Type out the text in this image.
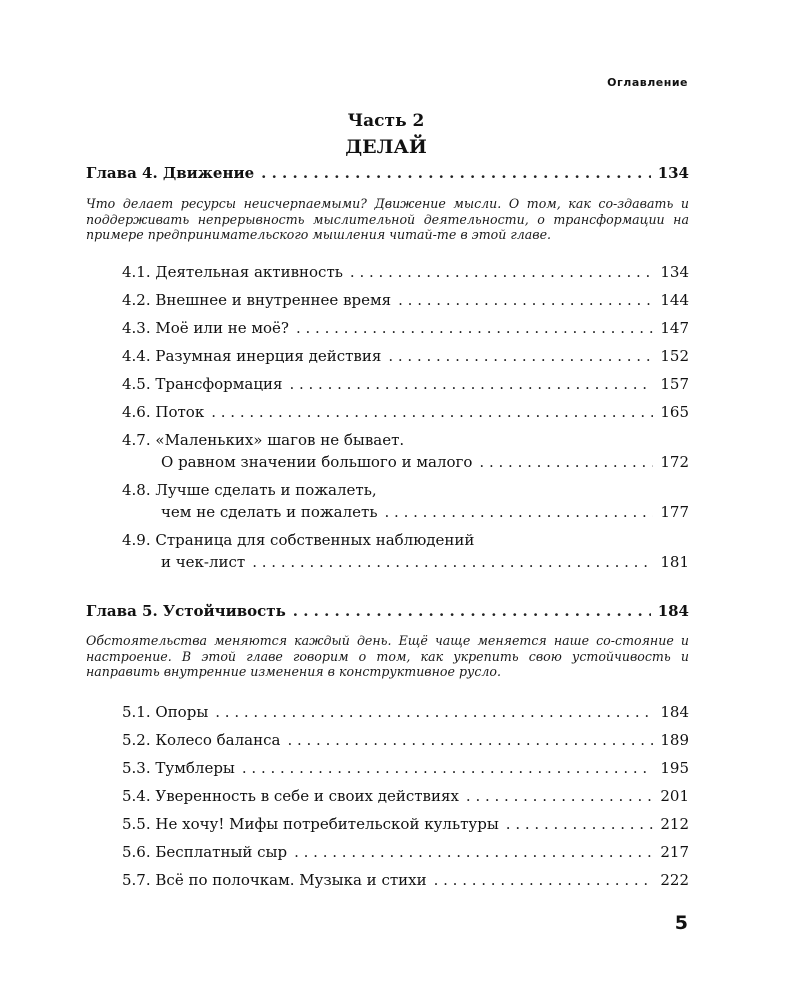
Оглавление
Часть 2
ДЕЛАЙ
Глава 4. Движение . . .	134
Что делает ресурсы неисчерпаемыми? Движение мысли. О том, как со-здавать и поддерживать непрерывность мыслительной деятельности, о трансформации на примере предпринимательского мышления читай-те в этой главе.
4.1. Деятельная активность . . .	134
4.2. Внешнее и внутреннее время . . .	144
4.3. Моё или не моё? . . .	147
4.4. Разумная инерция действия . . .	152
4.5. Трансформация . . .	157
4.6. Поток . . .	165
4.7. «Маленьких» шагов не бывает.
О равном значении большого и малого . . .	172
4.8. Лучше сделать и пожалеть,
чем не сделать и пожалеть . . .	177
4.9. Страница для собственных наблюдений
и чек-лист . . .	181
Глава 5. Устойчивость . . .	184
Обстоятельства меняются каждый день. Ещё чаще меняется наше со-стояние и настроение. В этой главе говорим о том, как укрепить свою устойчивость и направить внутренние изменения в конструктивное русло.
5.1. Опоры . . .	184
5.2. Колесо баланса . . .	189
5.3. Тумблеры . . .	195
5.4. Уверенность в себе и своих действиях . . .	201
5.5. Не хочу! Мифы потребительской культуры . . .	212
5.6. Бесплатный сыр . . .	217
5.7. Всё по полочкам. Музыка и стихи . . .	222
5
